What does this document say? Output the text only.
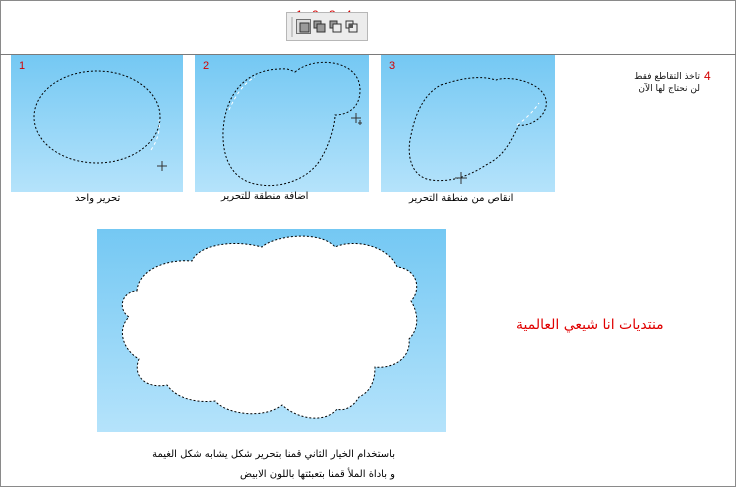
1
تحرير واحد
2
اضافة منطقة للتحرير
3
انقاص من منطقة التحرير
4
تاخذ التقاطع فقط
لن نحتاج لها الآن
منتديات انا شيعي العالمية
باستخدام الخيار الثاني قمنا بتحرير شكل يشابه شكل الغيمة
و باداة الملأ قمنا بتعبئتها باللون الابيض
